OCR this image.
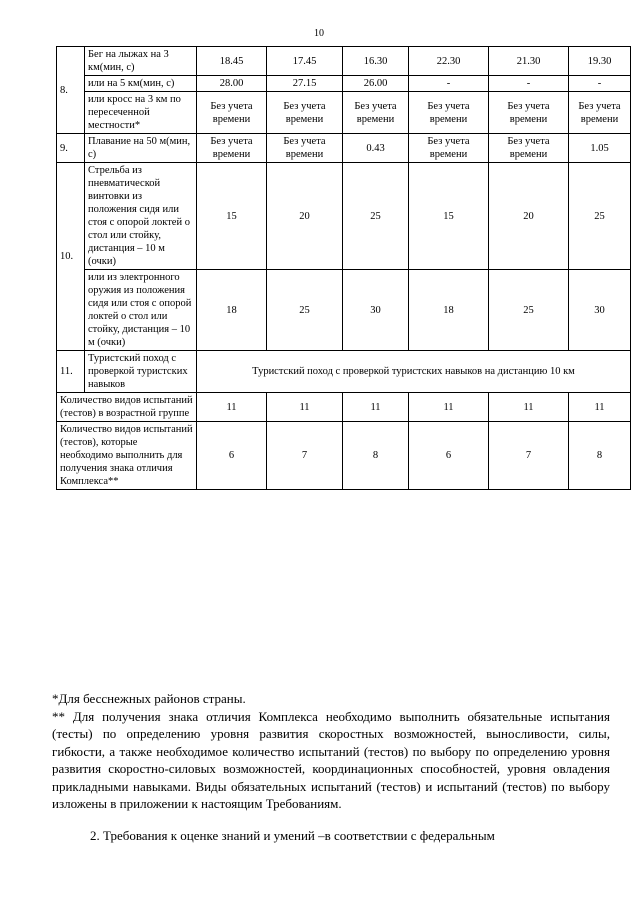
10
8.	Бег на лыжах на 3 км(мин, с)	18.45	17.45	16.30	22.30	21.30	19.30
	или на 5 км(мин, с)	28.00	27.15	26.00	-	-	-
	или кросс на 3 км по пересеченной местности*	Без учета времени	Без учета времени	Без учета времени	Без учета времени	Без учета времени	Без учета времени
9.	Плавание на 50 м(мин, с)	Без учета времени	Без учета времени	0.43	Без учета времени	Без учета времени	1.05
10.	Стрельба из пневматической винтовки из положения сидя или стоя с опорой локтей о стол или стойку, дистанция – 10 м (очки)	15	20	25	15	20	25
	или из электронного оружия из положения сидя или стоя с опорой локтей о стол или стойку, дистанция – 10 м (очки)	18	25	30	18	25	30
11.	Туристский поход с проверкой туристских навыков	Туристский поход с проверкой туристских навыков на дистанцию 10 км					
Количество видов испытаний (тестов) в возрастной группе		11	11	11	11	11	11
Количество видов испытаний (тестов), которые необходимо выполнить для получения знака отличия Комплекса**		6	7	8	6	7	8

*Для бесснежных районов страны.

** Для получения знака отличия Комплекса необходимо выполнить обязательные испытания (тесты) по определению уровня развития скоростных возможностей, выносливости, силы, гибкости, а также необходимое количество испытаний (тестов) по выбору по определению уровня развития скоростно-силовых возможностей, координационных способностей, уровня овладения прикладными навыками. Виды обязательных испытаний (тестов) и испытаний (тестов) по выбору изложены в приложении к настоящим Требованиям.

2. Требования к оценке знаний и умений –в соответствии с федеральным
